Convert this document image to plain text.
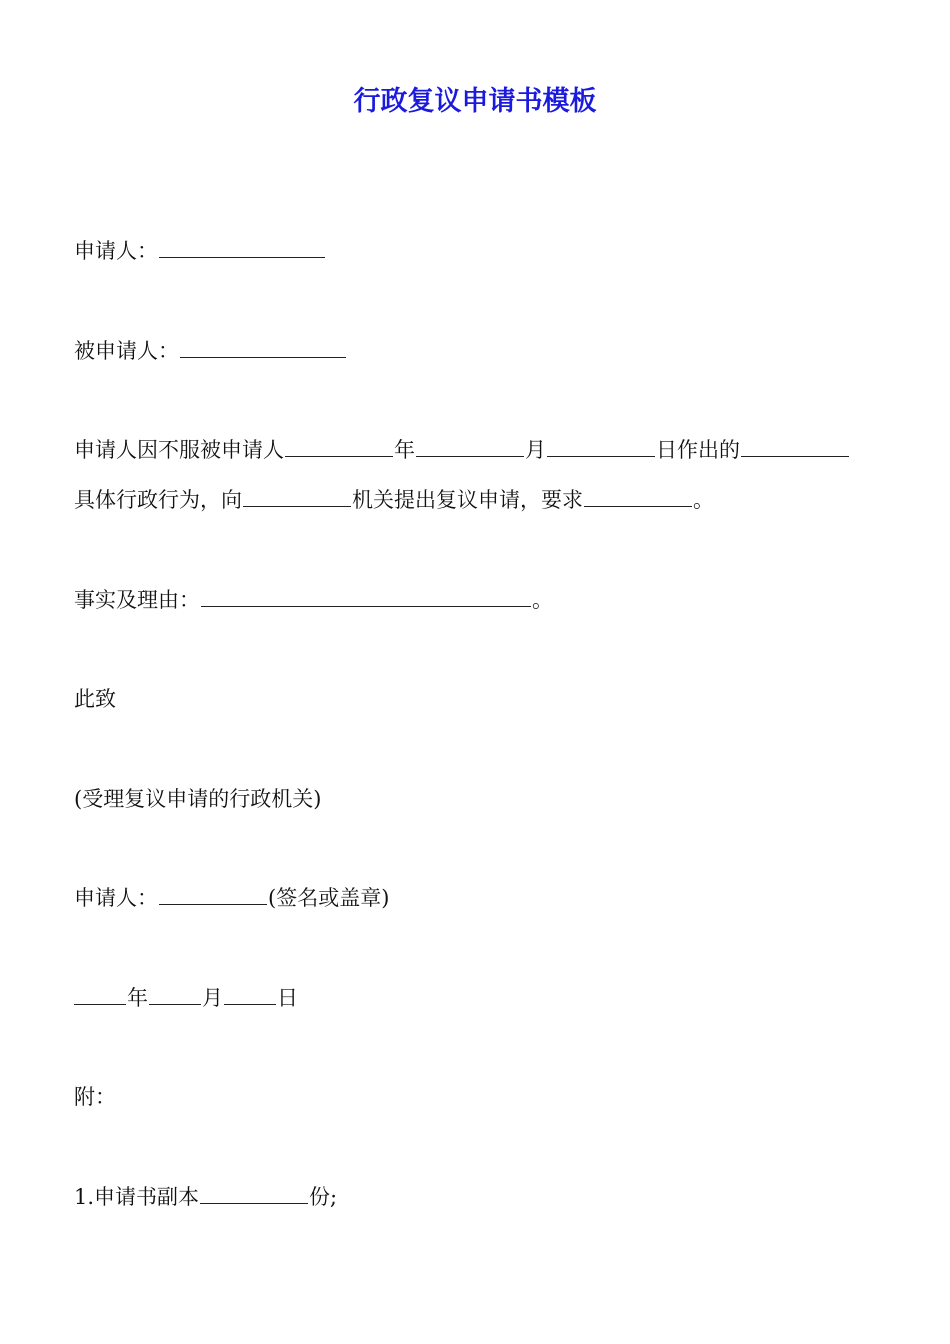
行政复议申请书模板
申请人：
被申请人：
申请人因不服被申请人	年	月	日作出的
具体行政行为，向	机关提出复议申请，要求	。
事实及理由：	。
此致
(受理复议申请的行政机关)
申请人：	(签名或盖章)
年	月	日
附：
1.申请书副本	份;
